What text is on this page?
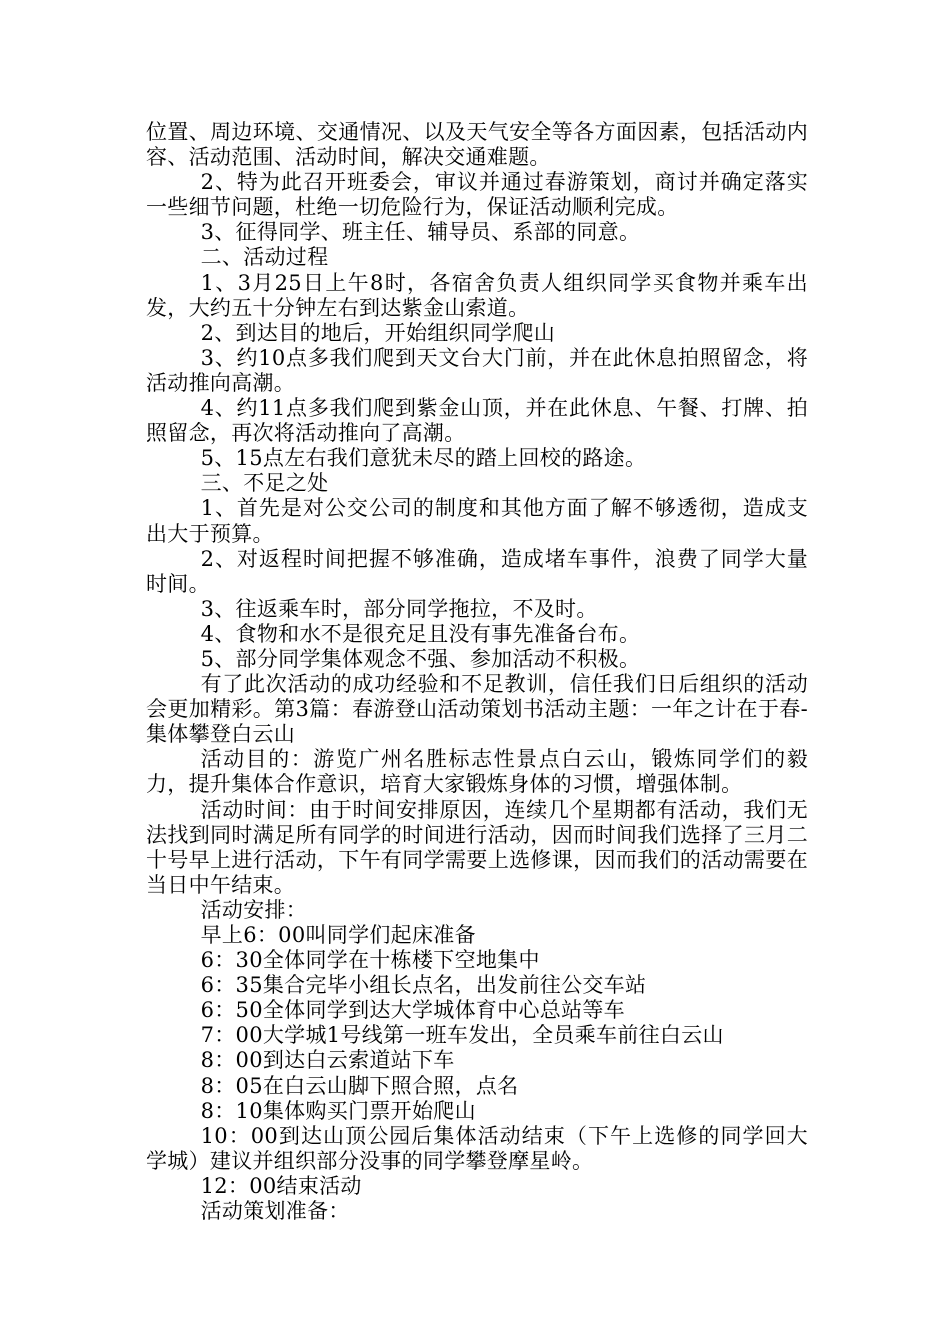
位置、周边环境、交通情况、以及天气安全等各方面因素，包括活动内容、活动范围、活动时间，解决交通难题。

2、特为此召开班委会，审议并通过春游策划，商讨并确定落实一些细节问题，杜绝一切危险行为，保证活动顺利完成。

3、征得同学、班主任、辅导员、系部的同意。

二、活动过程

1、3月25日上午8时，各宿舍负责人组织同学买食物并乘车出发，大约五十分钟左右到达紫金山索道。

2、到达目的地后，开始组织同学爬山

3、约10点多我们爬到天文台大门前，并在此休息拍照留念，将活动推向高潮。

4、约11点多我们爬到紫金山顶，并在此休息、午餐、打牌、拍照留念，再次将活动推向了高潮。

5、15点左右我们意犹未尽的踏上回校的路途。

三、不足之处

1、首先是对公交公司的制度和其他方面了解不够透彻，造成支出大于预算。

2、对返程时间把握不够准确，造成堵车事件，浪费了同学大量时间。

3、往返乘车时，部分同学拖拉，不及时。

4、食物和水不是很充足且没有事先准备台布。

5、部分同学集体观念不强、参加活动不积极。

有了此次活动的成功经验和不足教训，信任我们日后组织的活动会更加精彩。第3篇：春游登山活动策划书活动主题：一年之计在于春-集体攀登白云山

活动目的：游览广州名胜标志性景点白云山，锻炼同学们的毅力，提升集体合作意识，培育大家锻炼身体的习惯，增强体制。

活动时间：由于时间安排原因，连续几个星期都有活动，我们无法找到同时满足所有同学的时间进行活动，因而时间我们选择了三月二十号早上进行活动，下午有同学需要上选修课，因而我们的活动需要在当日中午结束。

活动安排：

早上6：00叫同学们起床准备

6：30全体同学在十栋楼下空地集中

6：35集合完毕小组长点名，出发前往公交车站

6：50全体同学到达大学城体育中心总站等车

7：00大学城1号线第一班车发出，全员乘车前往白云山

8：00到达白云索道站下车

8：05在白云山脚下照合照，点名

8：10集体购买门票开始爬山

10：00到达山顶公园后集体活动结束（下午上选修的同学回大学城）建议并组织部分没事的同学攀登摩星岭。

12：00结束活动

活动策划准备：
